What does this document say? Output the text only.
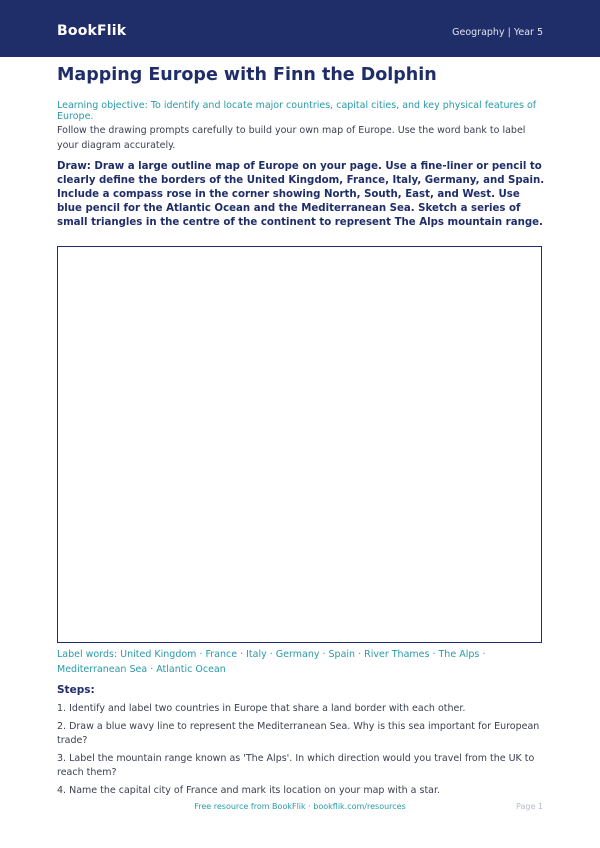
BookFlik	Geography | Year 5
Mapping Europe with Finn the Dolphin
Learning objective: To identify and locate major countries, capital cities, and key physical features of Europe.
Follow the drawing prompts carefully to build your own map of Europe. Use the word bank to label your diagram accurately.
Draw: Draw a large outline map of Europe on your page. Use a fine-liner or pencil to clearly define the borders of the United Kingdom, France, Italy, Germany, and Spain. Include a compass rose in the corner showing North, South, East, and West. Use blue pencil for the Atlantic Ocean and the Mediterranean Sea. Sketch a series of small triangles in the centre of the continent to represent The Alps mountain range.
Label words: United Kingdom · France · Italy · Germany · Spain · River Thames · The Alps · Mediterranean Sea · Atlantic Ocean
Steps:
1. Identify and label two countries in Europe that share a land border with each other.
2. Draw a blue wavy line to represent the Mediterranean Sea. Why is this sea important for European trade?
3. Label the mountain range known as 'The Alps'. In which direction would you travel from the UK to reach them?
4. Name the capital city of France and mark its location on your map with a star.
Free resource from BookFlik · bookflik.com/resources	Page 1
